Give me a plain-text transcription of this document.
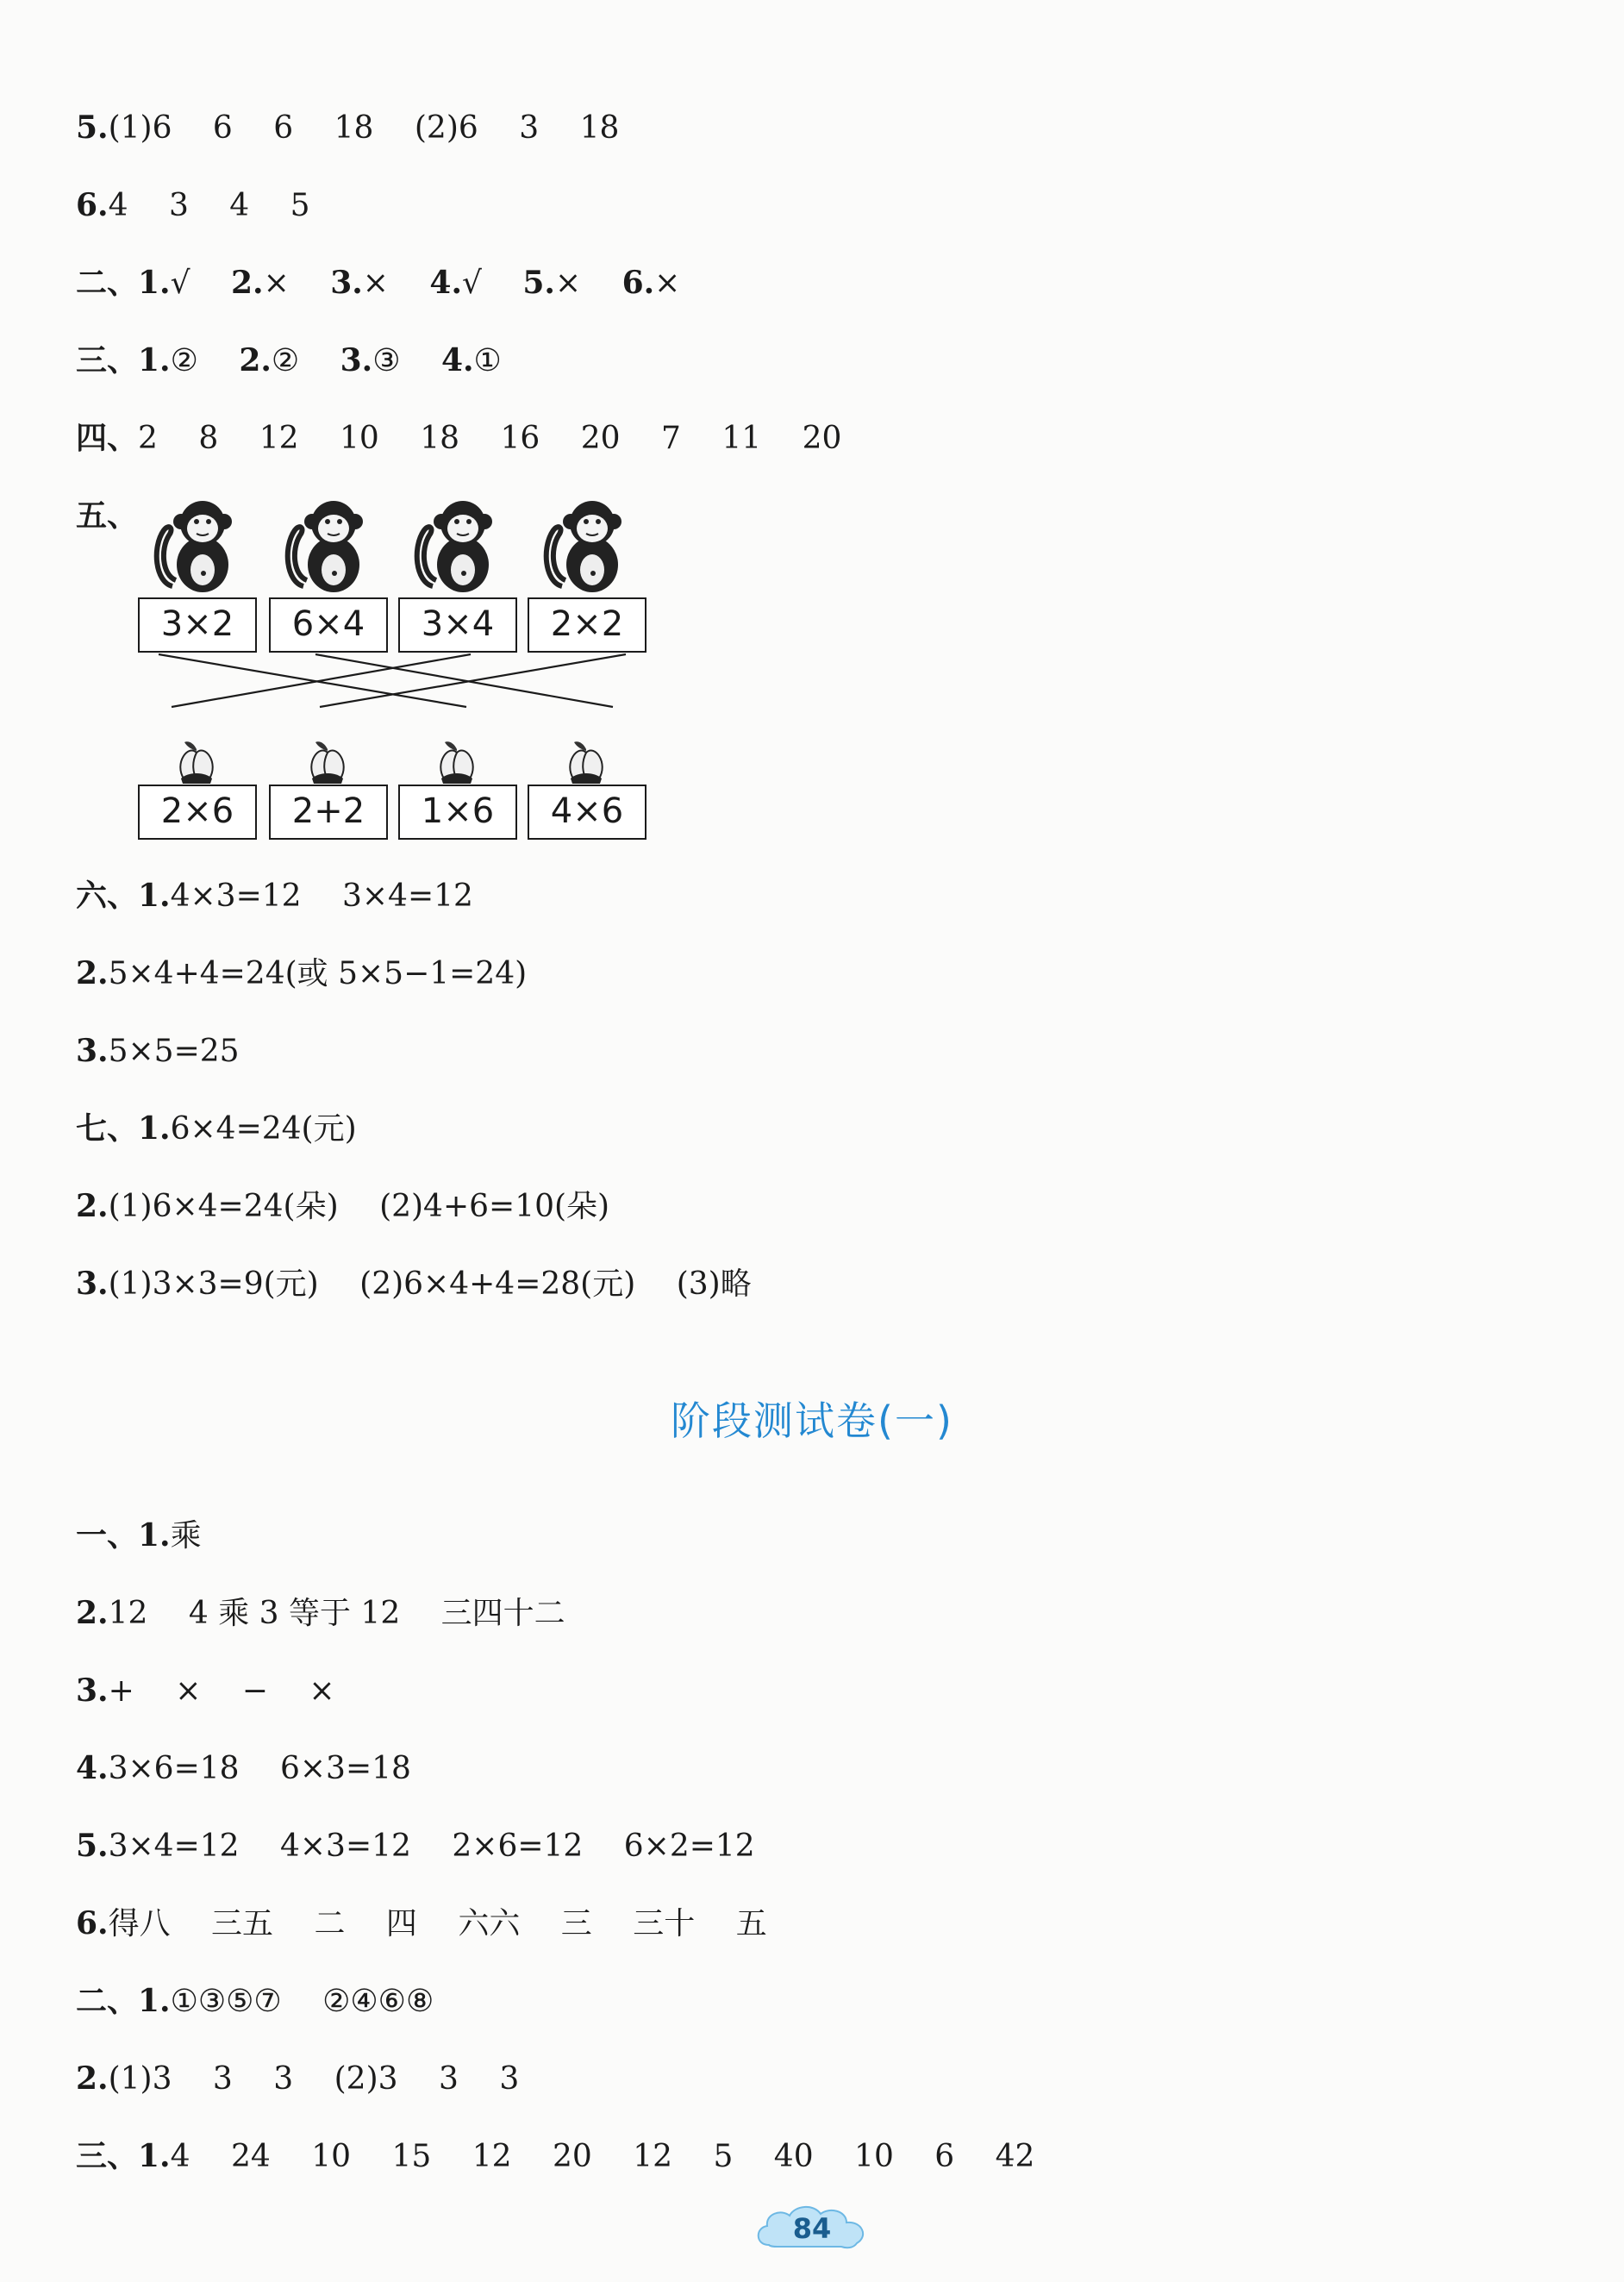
5.(1)6  6  6  18  (2)6  3  18
6.4  3  4  5
二、1.√  2.×  3.×  4.√  5.×  6.×
三、1.②  2.②  3.③  4.①
四、2  8  12  10  18  16  20  7  11  20
五、
六、1.4×3=12  3×4=12
2.5×4+4=24(或 5×5−1=24)
3.5×5=25
七、1.6×4=24(元)
2.(1)6×4=24(朵)  (2)4+6=10(朵)
3.(1)3×3=9(元)  (2)6×4+4=28(元)  (3)略
3×2	6×4	3×4	2×2
2×6	2+2	1×6	4×6
阶段测试卷(一)
一、1.乘
2.12  4 乘 3 等于 12  三四十二
3.+  ×  −  ×
4.3×6=18  6×3=18
5.3×4=12  4×3=12  2×6=12  6×2=12
6.得八  三五  二  四  六六  三  三十  五
二、1.①③⑤⑦  ②④⑥⑧
2.(1)3  3  3  (2)3  3  3
三、1.4  24  10  15  12  20  12  5  40  10  6  42
84
